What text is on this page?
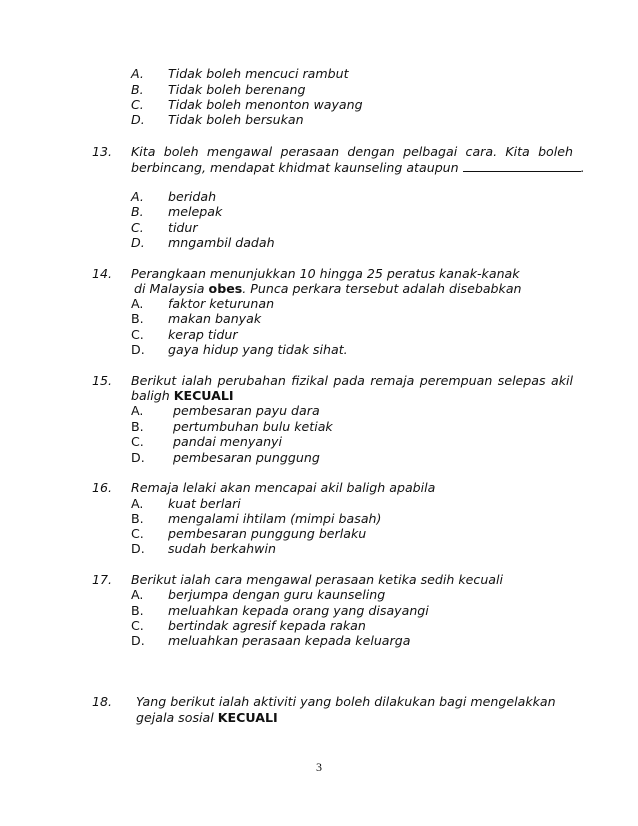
A. Tidak boleh mencuci rambut
B. Tidak boleh berenang
C. Tidak boleh menonton wayang
D. Tidak boleh bersukan
13. Kita boleh mengawal perasaan dengan pelbagai cara. Kita boleh
berbincang, mendapat khidmat kaunseling ataupun	.
A. beridah
B. melepak
C. tidur
D. mngambil dadah
14. Perangkaan menunjukkan 10 hingga 25 peratus kanak-kanak
di Malaysia obes. Punca perkara tersebut adalah disebabkan
A. faktor keturunan
B. makan banyak
C. kerap tidur
D. gaya hidup yang tidak sihat.
15. Berikut ialah perubahan fizikal pada remaja perempuan selepas akil
baligh KECUALI
A. pembesaran payu dara
B. pertumbuhan bulu ketiak
C. pandai menyanyi
D. pembesaran punggung
16. Remaja lelaki akan mencapai akil baligh apabila
A. kuat berlari
B. mengalami ihtilam (mimpi basah)
C. pembesaran punggung berlaku
D. sudah berkahwin
17. Berikut ialah cara mengawal perasaan ketika sedih kecuali
A. berjumpa dengan guru kaunseling
B. meluahkan kepada orang yang disayangi
C. bertindak agresif kepada rakan
D. meluahkan perasaan kepada keluarga
18. Yang berikut ialah aktiviti yang boleh dilakukan bagi mengelakkan
gejala sosial KECUALI
3
